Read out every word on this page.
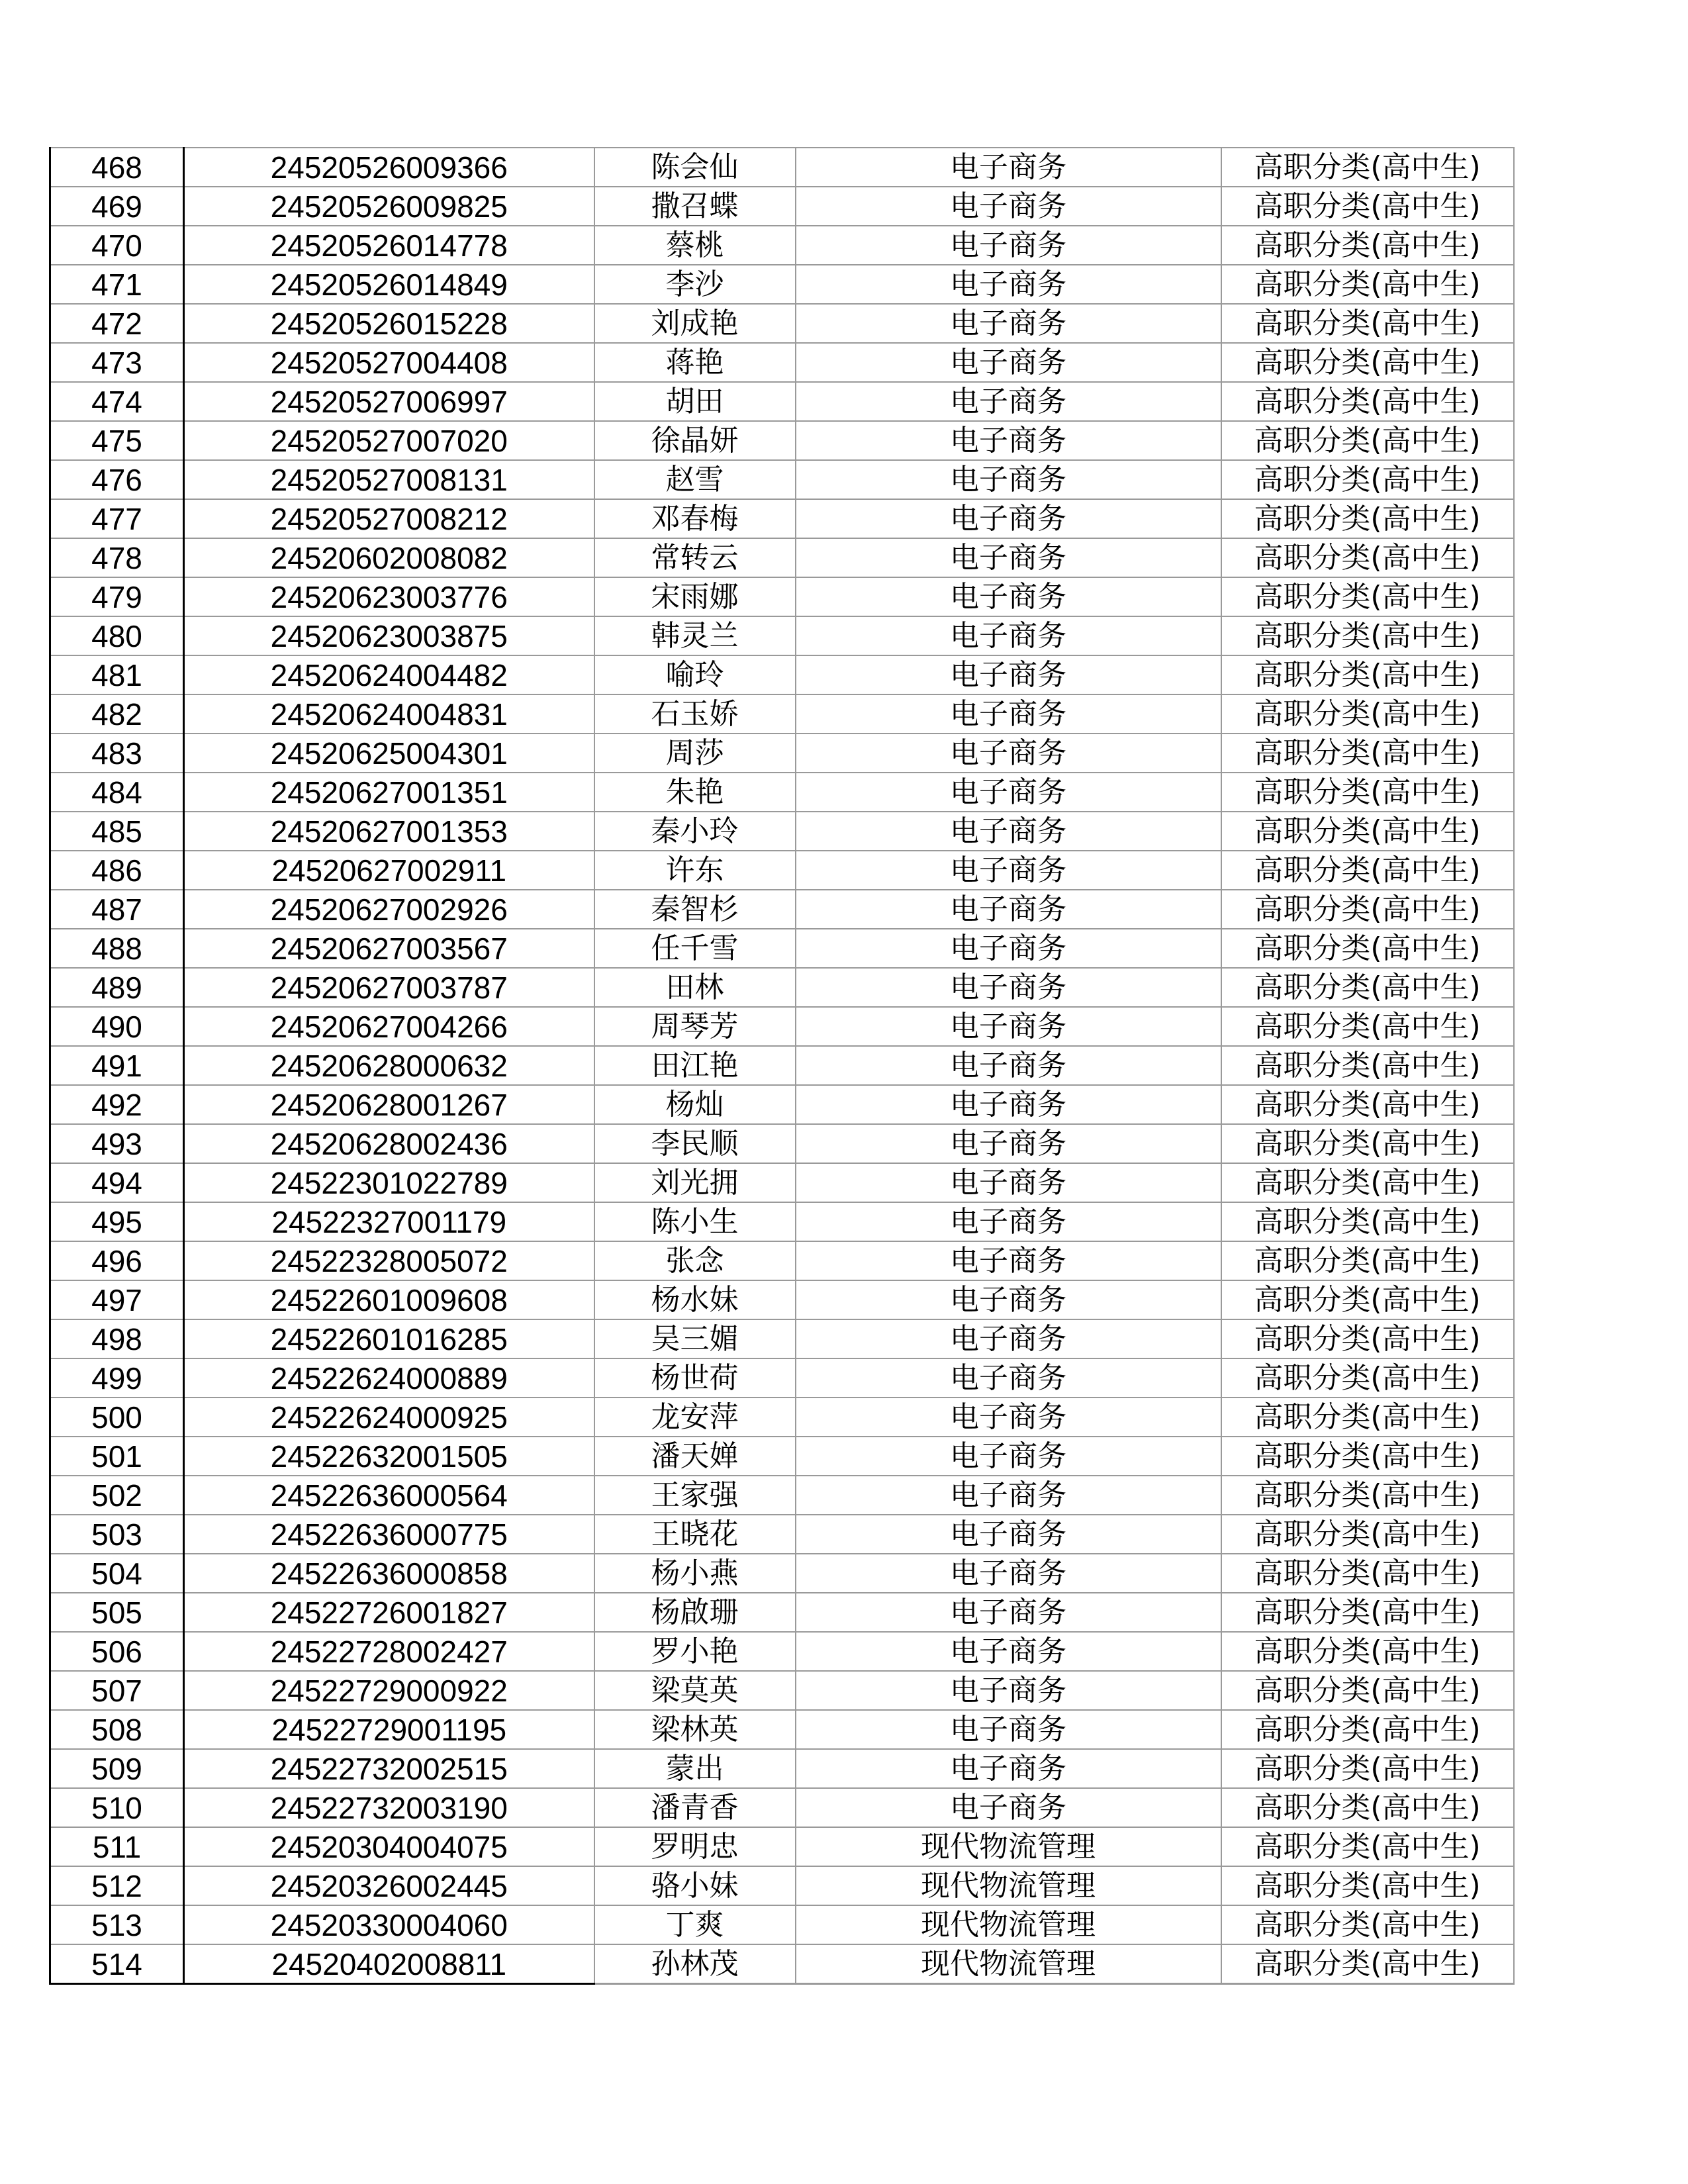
468	24520526009366	陈会仙	电子商务	高职分类(高中生)
469	24520526009825	撒召蝶	电子商务	高职分类(高中生)
470	24520526014778	蔡桃	电子商务	高职分类(高中生)
471	24520526014849	李沙	电子商务	高职分类(高中生)
472	24520526015228	刘成艳	电子商务	高职分类(高中生)
473	24520527004408	蒋艳	电子商务	高职分类(高中生)
474	24520527006997	胡田	电子商务	高职分类(高中生)
475	24520527007020	徐晶妍	电子商务	高职分类(高中生)
476	24520527008131	赵雪	电子商务	高职分类(高中生)
477	24520527008212	邓春梅	电子商务	高职分类(高中生)
478	24520602008082	常转云	电子商务	高职分类(高中生)
479	24520623003776	宋雨娜	电子商务	高职分类(高中生)
480	24520623003875	韩灵兰	电子商务	高职分类(高中生)
481	24520624004482	喻玲	电子商务	高职分类(高中生)
482	24520624004831	石玉娇	电子商务	高职分类(高中生)
483	24520625004301	周莎	电子商务	高职分类(高中生)
484	24520627001351	朱艳	电子商务	高职分类(高中生)
485	24520627001353	秦小玲	电子商务	高职分类(高中生)
486	24520627002911	许东	电子商务	高职分类(高中生)
487	24520627002926	秦智杉	电子商务	高职分类(高中生)
488	24520627003567	任千雪	电子商务	高职分类(高中生)
489	24520627003787	田林	电子商务	高职分类(高中生)
490	24520627004266	周琴芳	电子商务	高职分类(高中生)
491	24520628000632	田江艳	电子商务	高职分类(高中生)
492	24520628001267	杨灿	电子商务	高职分类(高中生)
493	24520628002436	李民顺	电子商务	高职分类(高中生)
494	24522301022789	刘光拥	电子商务	高职分类(高中生)
495	24522327001179	陈小生	电子商务	高职分类(高中生)
496	24522328005072	张念	电子商务	高职分类(高中生)
497	24522601009608	杨水妹	电子商务	高职分类(高中生)
498	24522601016285	吴三媚	电子商务	高职分类(高中生)
499	24522624000889	杨世荷	电子商务	高职分类(高中生)
500	24522624000925	龙安萍	电子商务	高职分类(高中生)
501	24522632001505	潘天婵	电子商务	高职分类(高中生)
502	24522636000564	王家强	电子商务	高职分类(高中生)
503	24522636000775	王晓花	电子商务	高职分类(高中生)
504	24522636000858	杨小燕	电子商务	高职分类(高中生)
505	24522726001827	杨啟珊	电子商务	高职分类(高中生)
506	24522728002427	罗小艳	电子商务	高职分类(高中生)
507	24522729000922	梁莫英	电子商务	高职分类(高中生)
508	24522729001195	梁林英	电子商务	高职分类(高中生)
509	24522732002515	蒙出	电子商务	高职分类(高中生)
510	24522732003190	潘青香	电子商务	高职分类(高中生)
511	24520304004075	罗明忠	现代物流管理	高职分类(高中生)
512	24520326002445	骆小妹	现代物流管理	高职分类(高中生)
513	24520330004060	丁爽	现代物流管理	高职分类(高中生)
514	24520402008811	孙林茂	现代物流管理	高职分类(高中生)
